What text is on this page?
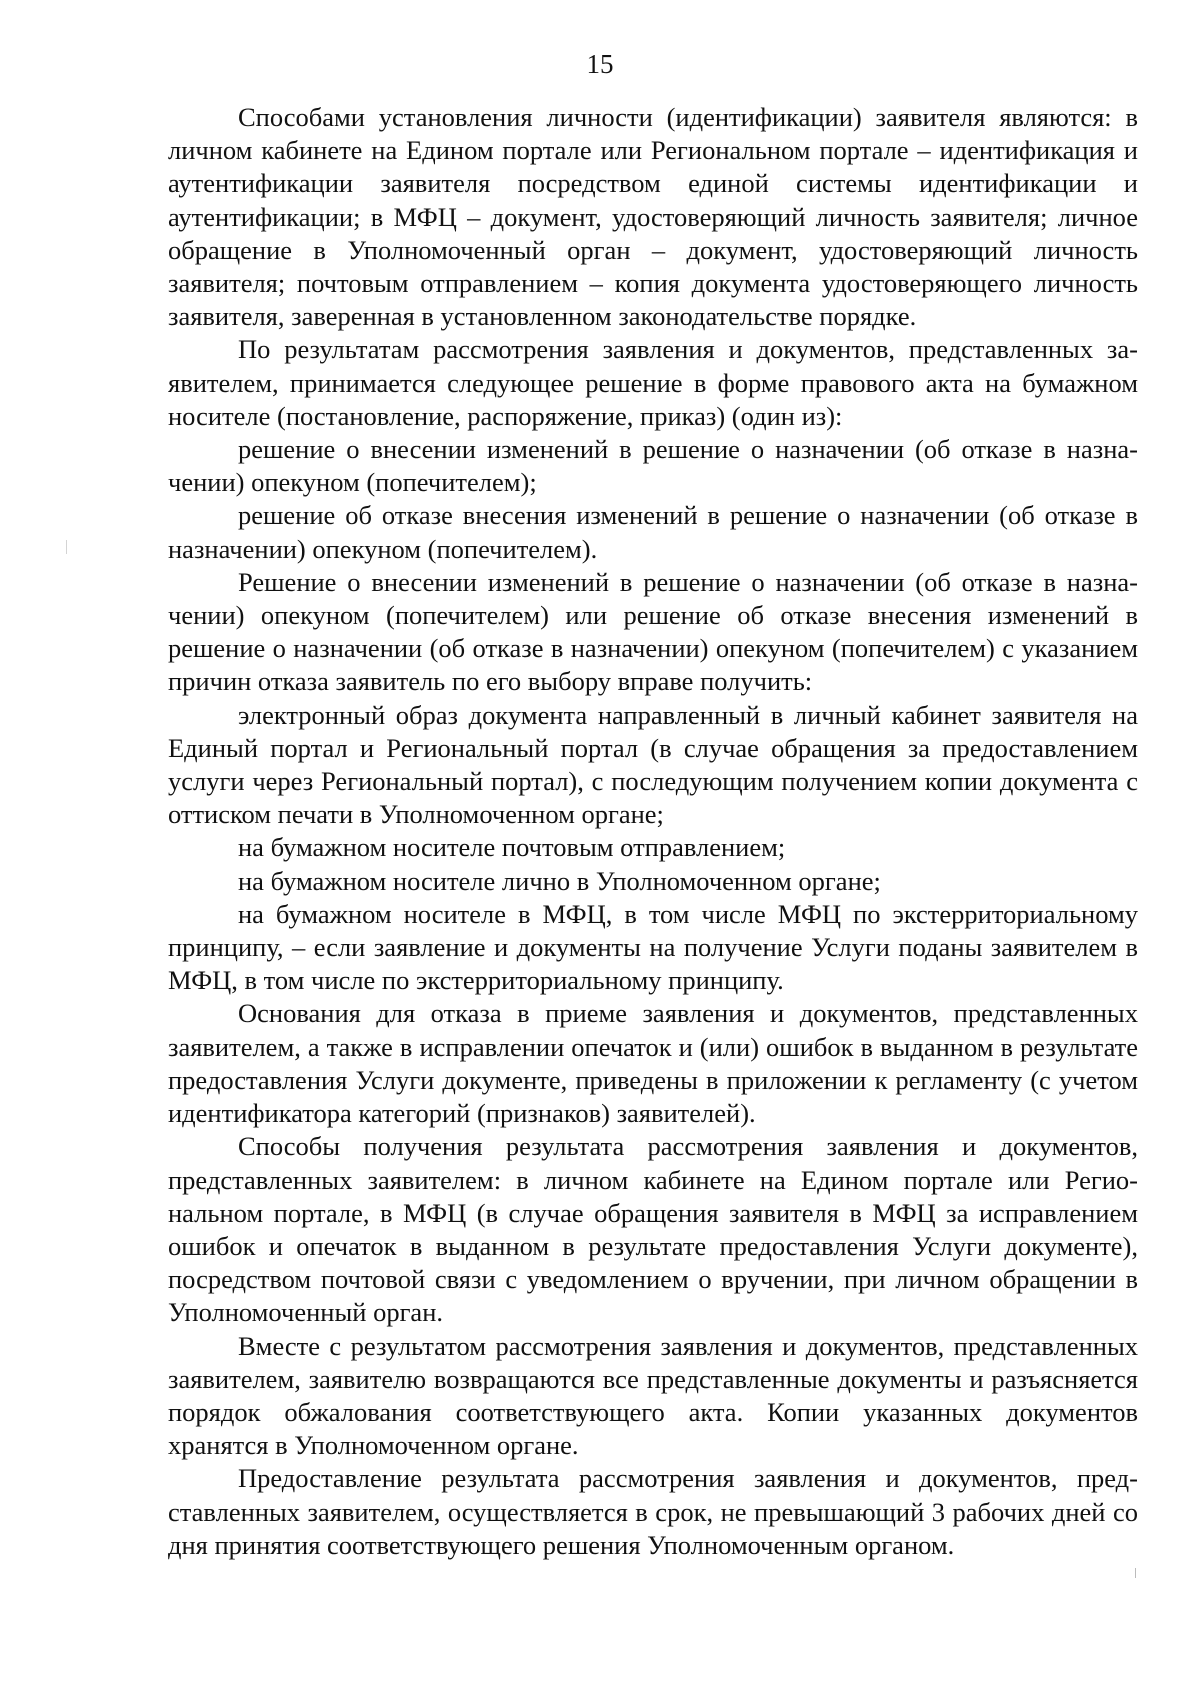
15

Способами установления личности (идентификации) заявителя являются: в личном кабинете на Едином портале или Региональном портале – идентификация и аутентификации заявителя посредством единой системы идентификации и аутентификации; в МФЦ – документ, удостоверяющий личность заявителя; личное обращение в Уполномоченный орган – документ, удостоверяющий личность заявителя; почтовым отправлением – копия документа удостоверяющего личность заявителя, заверенная в установленном законодательстве порядке.

По результатам рассмотрения заявления и документов, представленных заявителем, принимается следующее решение в форме правового акта на бумажном носителе (постановление, распоряжение, приказ) (один из):

решение о внесении изменений в решение о назначении (об отказе в назначении) опекуном (попечителем);

решение об отказе внесения изменений в решение о назначении (об отказе в назначении) опекуном (попечителем).

Решение о внесении изменений в решение о назначении (об отказе в назначении) опекуном (попечителем) или решение об отказе внесения изменений в решение о назначении (об отказе в назначении) опекуном (попечителем) с указанием причин отказа заявитель по его выбору вправе получить:

электронный образ документа направленный в личный кабинет заявителя на Единый портал и Региональный портал (в случае обращения за предоставлением услуги через Региональный портал), с последующим получением копии документа с оттиском печати в Уполномоченном органе;

на бумажном носителе почтовым отправлением;

на бумажном носителе лично в Уполномоченном органе;

на бумажном носителе в МФЦ, в том числе МФЦ по экстерриториальному принципу, – если заявление и документы на получение Услуги поданы заявителем в МФЦ, в том числе по экстерриториальному принципу.

Основания для отказа в приеме заявления и документов, представленных заявителем, а также в исправлении опечаток и (или) ошибок в выданном в результате предоставления Услуги документе, приведены в приложении к регламенту (с учетом идентификатора категорий (признаков) заявителей).

Способы получения результата рассмотрения заявления и документов, представленных заявителем: в личном кабинете на Едином портале или Региональном портале, в МФЦ (в случае обращения заявителя в МФЦ за исправлением ошибок и опечаток в выданном в результате предоставления Услуги документе), посредством почтовой связи с уведомлением о вручении, при личном обращении в Уполномоченный орган.

Вместе с результатом рассмотрения заявления и документов, представленных заявителем, заявителю возвращаются все представленные документы и разъясняется порядок обжалования соответствующего акта. Копии указанных документов хранятся в Уполномоченном органе.

Предоставление результата рассмотрения заявления и документов, представленных заявителем, осуществляется в срок, не превышающий 3 рабочих дней со дня принятия соответствующего решения Уполномоченным органом.
